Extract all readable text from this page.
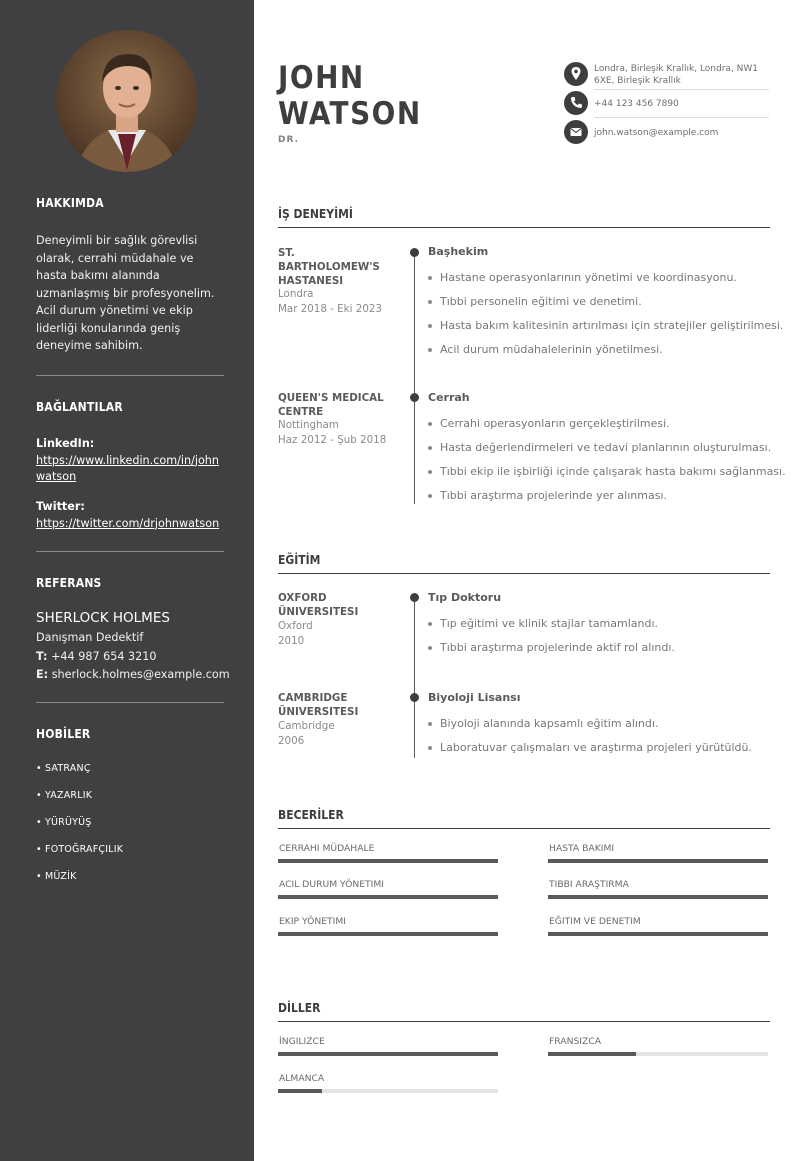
HAKKIMDA
Deneyimli bir sağlık görevlisi olarak, cerrahi müdahale ve hasta bakımı alanında uzmanlaşmış bir profesyonelim. Acil durum yönetimi ve ekip liderliği konularında geniş deneyime sahibim.
BAĞLANTILAR
LinkedIn:
https://www.linkedin.com/in/johnwatson
Twitter:
https://twitter.com/drjohnwatson
REFERANS
SHERLOCK HOLMES
Danışman Dedektif
T: +44 987 654 3210
E: sherlock.holmes@example.com
HOBİLER
• SATRANÇ
• YAZARLIK
• YÜRÜYÜŞ
• FOTOĞRAFÇILIK
• MÜZİK
JOHN
WATSON
DR.
Londra, Birleşik Krallık, Londra, NW1
6XE, Birleşik Krallık
+44 123 456 7890
john.watson@example.com
İŞ DENEYİMİ
ST. BARTHOLOMEW'S HASTANESI
Londra
Mar 2018 - Eki 2023
Başhekim
Hastane operasyonlarının yönetimi ve koordinasyonu.
Tıbbi personelin eğitimi ve denetimi.
Hasta bakım kalitesinin artırılması için stratejiler geliştirilmesi.
Acil durum müdahalelerinin yönetilmesi.
QUEEN'S MEDICAL CENTRE
Nottingham
Haz 2012 - Şub 2018
Cerrah
Cerrahi operasyonların gerçekleştirilmesi.
Hasta değerlendirmeleri ve tedavi planlarının oluşturulması.
Tıbbi ekip ile işbirliği içinde çalışarak hasta bakımı sağlanması.
Tıbbi araştırma projelerinde yer alınması.
EĞİTİM
OXFORD ÜNIVERSITESI
Oxford
2010
Tıp Doktoru
Tıp eğitimi ve klinik stajlar tamamlandı.
Tıbbi araştırma projelerinde aktif rol alındı.
CAMBRIDGE ÜNIVERSITESI
Cambridge
2006
Biyoloji Lisansı
Biyoloji alanında kapsamlı eğitim alındı.
Laboratuvar çalışmaları ve araştırma projeleri yürütüldü.
BECERİLER
CERRAHI MÜDAHALE	HASTA BAKIMI
ACIL DURUM YÖNETIMI	TIBBI ARAŞTIRMA
EKIP YÖNETIMI	EĞITIM VE DENETIM
DİLLER
İNGILIZCE	FRANSIZCA
ALMANCA
